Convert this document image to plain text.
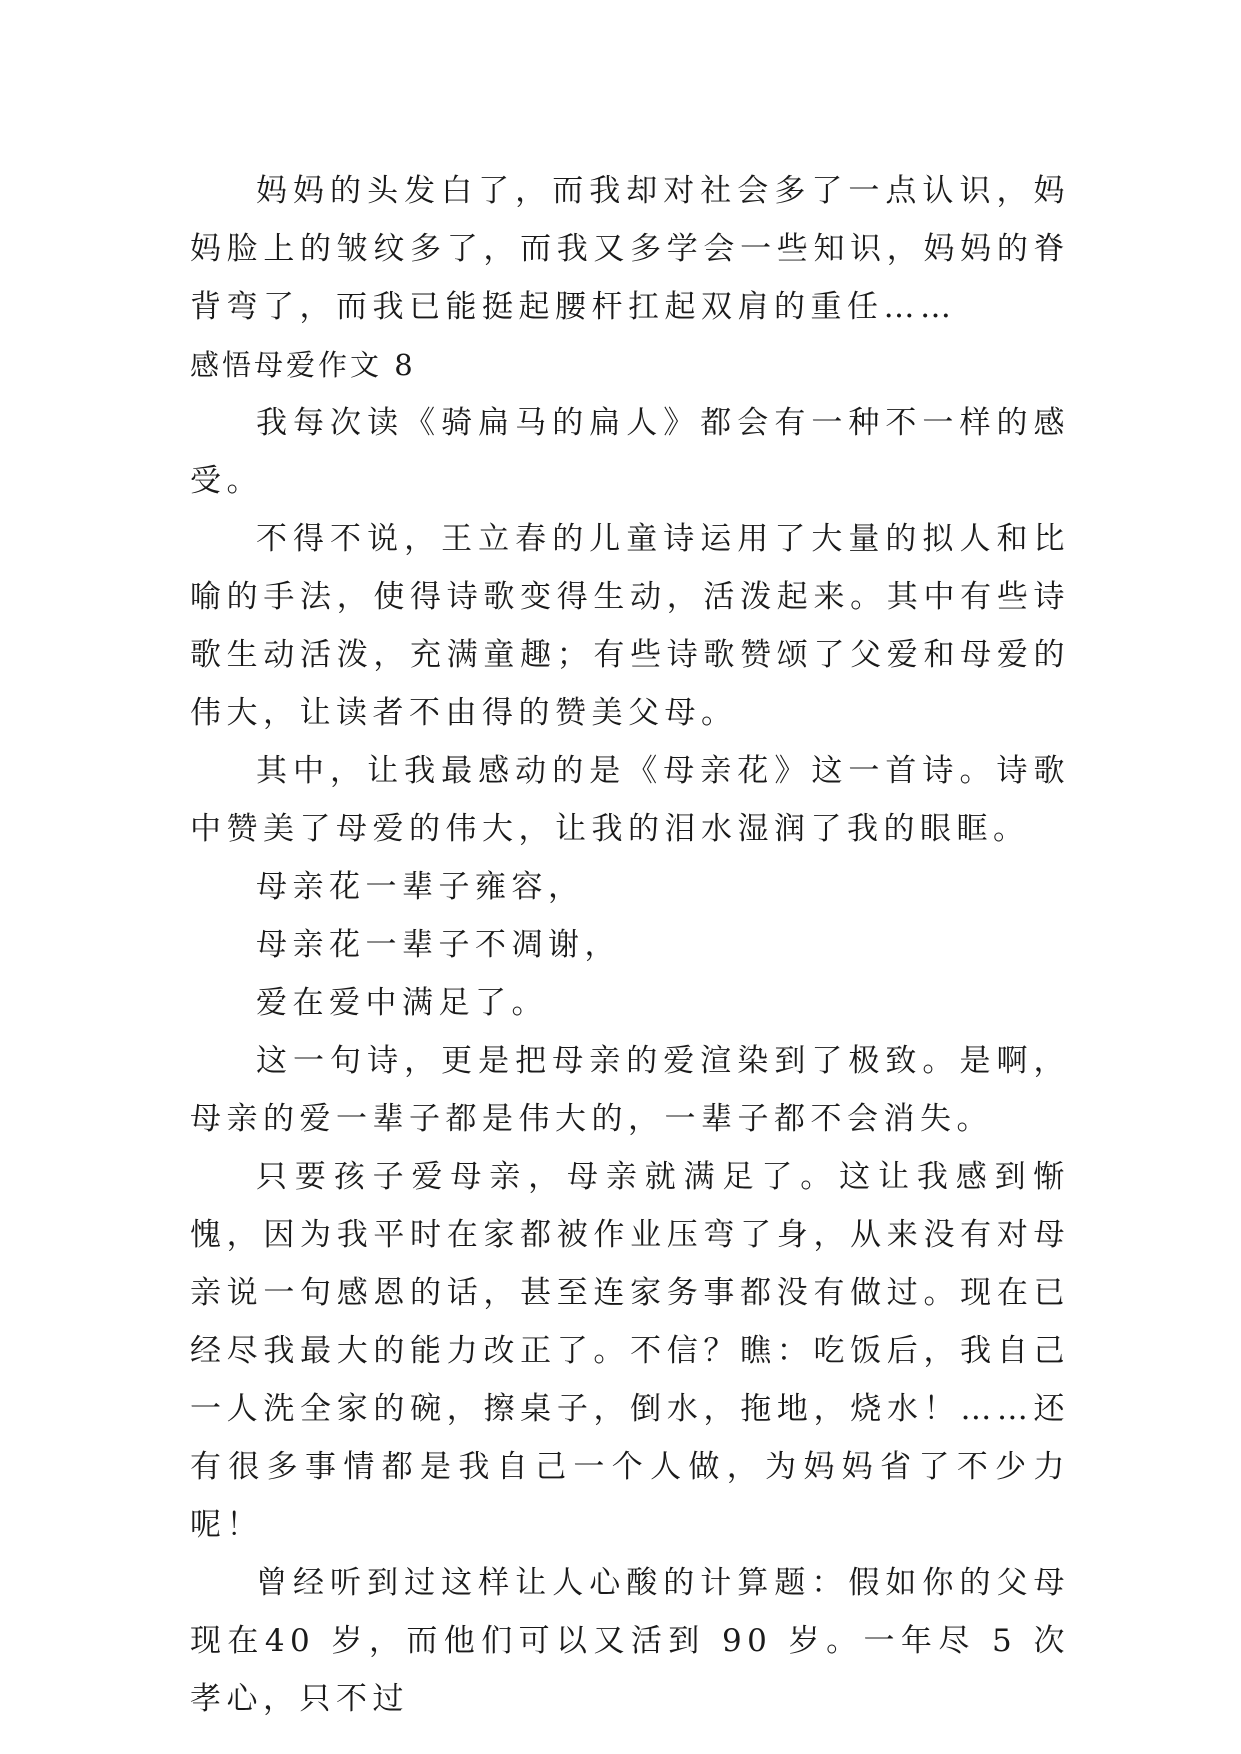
妈妈的头发白了，而我却对社会多了一点认识，妈妈脸上的皱纹多了，而我又多学会一些知识，妈妈的脊背弯了，而我已能挺起腰杆扛起双肩的重任……

感悟母爱作文 8

我每次读《骑扁马的扁人》都会有一种不一样的感受。

不得不说，王立春的儿童诗运用了大量的拟人和比喻的手法，使得诗歌变得生动，活泼起来。其中有些诗歌生动活泼，充满童趣；有些诗歌赞颂了父爱和母爱的伟大，让读者不由得的赞美父母。

其中，让我最感动的是《母亲花》这一首诗。诗歌中赞美了母爱的伟大，让我的泪水湿润了我的眼眶。

母亲花一辈子雍容，

母亲花一辈子不凋谢，

爱在爱中满足了。

这一句诗，更是把母亲的爱渲染到了极致。是啊，母亲的爱一辈子都是伟大的，一辈子都不会消失。

只要孩子爱母亲，母亲就满足了。这让我感到惭愧，因为我平时在家都被作业压弯了身，从来没有对母亲说一句感恩的话，甚至连家务事都没有做过。现在已经尽我最大的能力改正了。不信？瞧：吃饭后，我自己一人洗全家的碗，擦桌子，倒水，拖地，烧水！……还有很多事情都是我自己一个人做，为妈妈省了不少力呢！

曾经听到过这样让人心酸的计算题：假如你的父母现在40 岁，而他们可以又活到 90 岁。一年尽 5 次孝心，只不过
